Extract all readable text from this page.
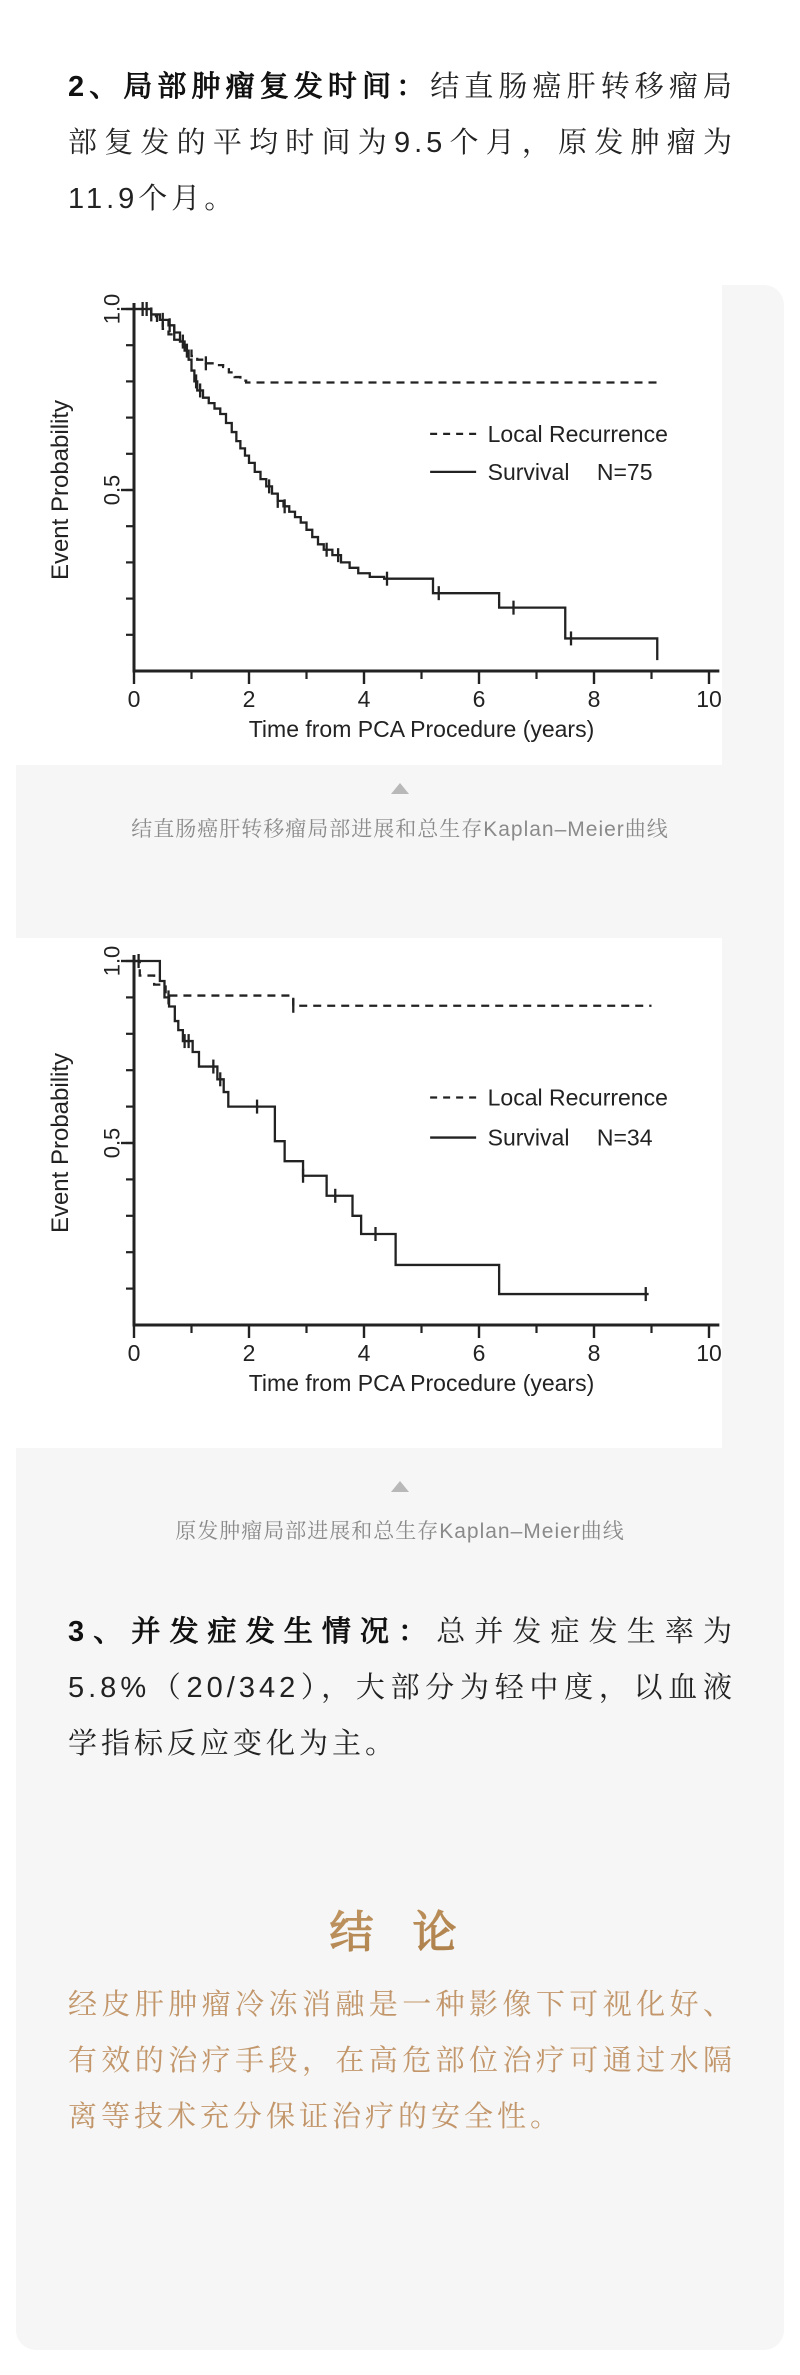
2、局部肿瘤复发时间：结直肠癌肝转移瘤局部复发的平均时间为9.5个月，原发肿瘤为11.9个月。

0	2	4	6	8	10
1.0
0.5
Event Probability
Time from PCA Procedure (years)
Local Recurrence
Survival N=75
结直肠癌肝转移瘤局部进展和总生存Kaplan–Meier曲线
0	2	4	6	8	10
1.0
0.5
Event Probability
Time from PCA Procedure (years)
Local Recurrence
Survival N=34
原发肿瘤局部进展和总生存Kaplan–Meier曲线

3、并发症发生情况：总并发症发生率为5.8%（20/342），大部分为轻中度，以血液学指标反应变化为主。

结 论
经皮肝肿瘤冷冻消融是一种影像下可视化好、有效的治疗手段，在高危部位治疗可通过水隔离等技术充分保证治疗的安全性。
